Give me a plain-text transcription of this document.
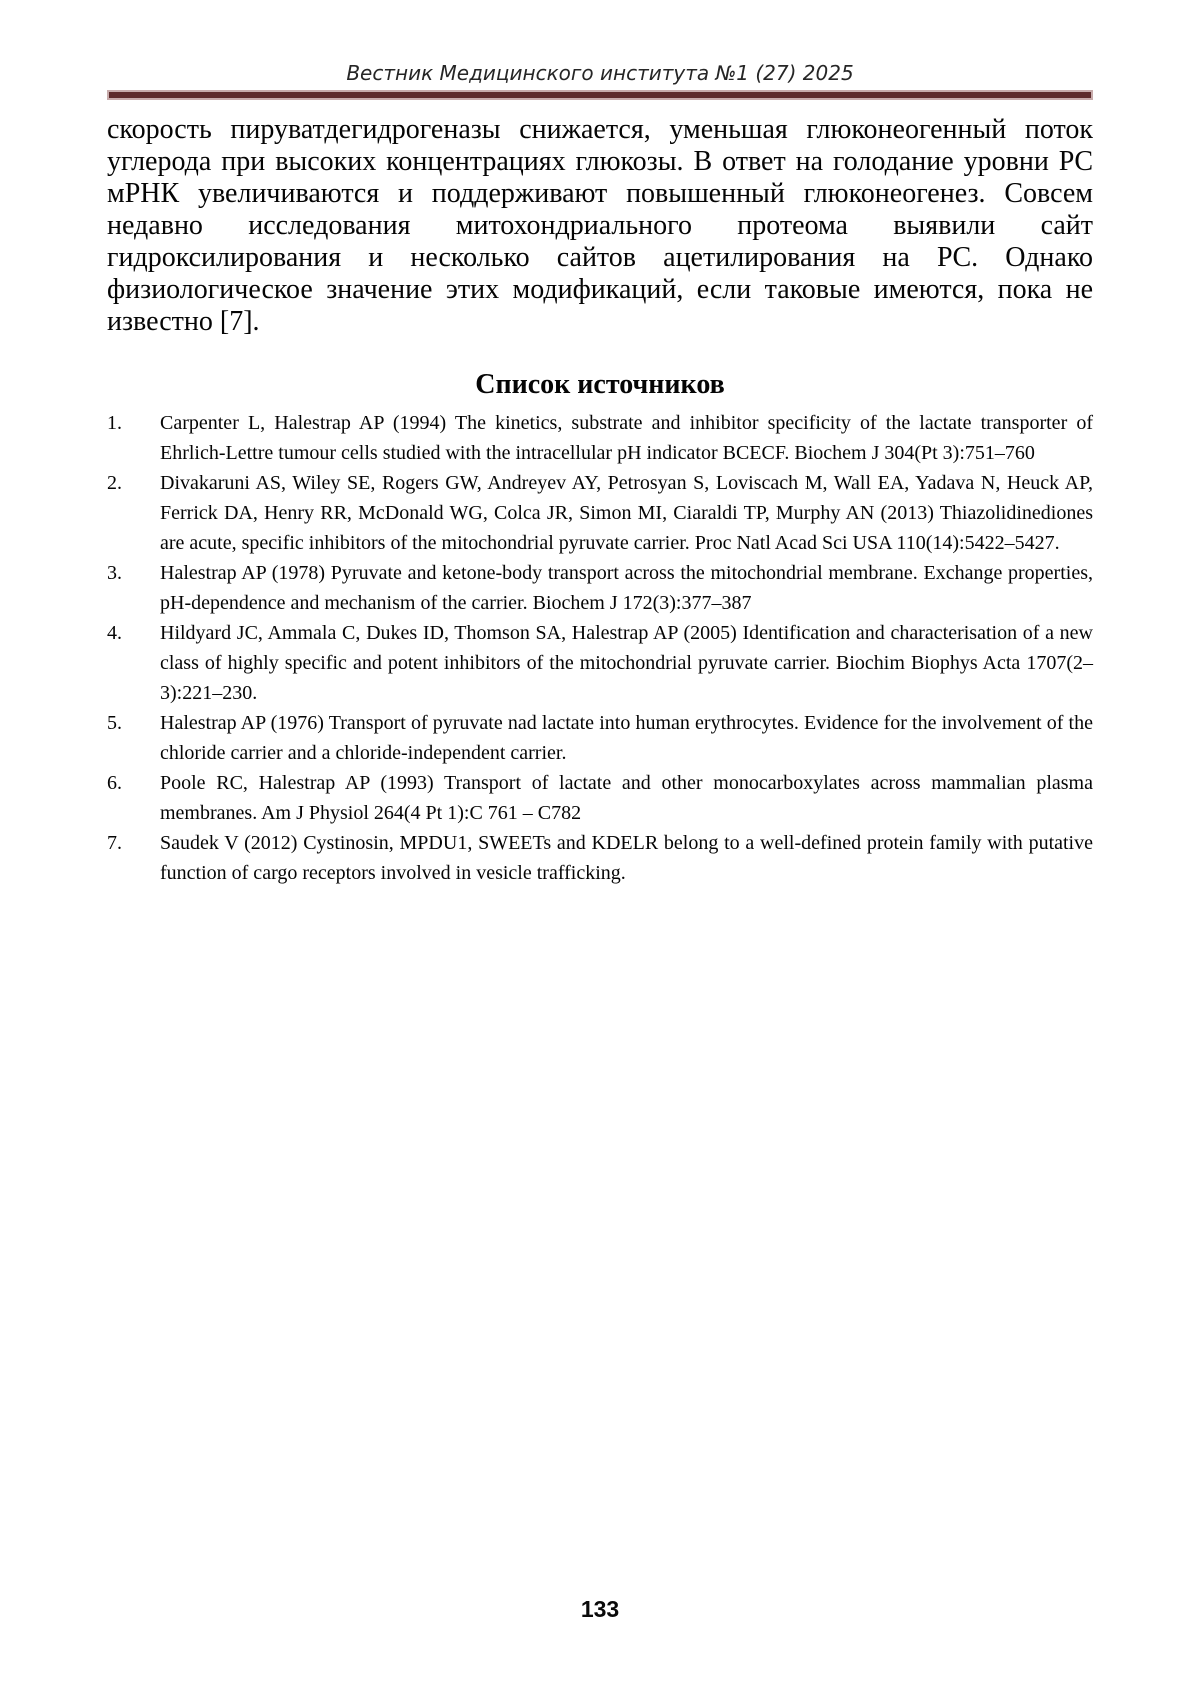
Вестник Медицинского института №1 (27) 2025

скорость пируватдегидрогеназы снижается, уменьшая глюконеогенный поток углерода при высоких концентрациях глюкозы. В ответ на голодание уровни PC мРНК увеличиваются и поддерживают повышенный глюконеогенез. Совсем недавно исследования митохондриального протеома выявили сайт гидроксилирования и несколько сайтов ацетилирования на PC. Однако физиологическое значение этих модификаций, если таковые имеются, пока не известно [7].

Список источников
1.	Carpenter L, Halestrap AP (1994) The kinetics, substrate and inhibitor specificity of the lactate transporter of Ehrlich-Lettre tumour cells studied with the intracellular pH indicator BCECF. Biochem J 304(Pt 3):751–760
2.	Divakaruni AS, Wiley SE, Rogers GW, Andreyev AY, Petrosyan S, Loviscach M, Wall EA, Yadava N, Heuck AP, Ferrick DA, Henry RR, McDonald WG, Colca JR, Simon MI, Ciaraldi TP, Murphy AN (2013) Thiazolidinediones are acute, specific inhibitors of the mitochondrial pyruvate carrier. Proc Natl Acad Sci USA 110(14):5422–5427.
3.	Halestrap AP (1978) Pyruvate and ketone-body transport across the mitochondrial membrane. Exchange properties, pH-dependence and mechanism of the carrier. Biochem J 172(3):377–387
4.	Hildyard JC, Ammala C, Dukes ID, Thomson SA, Halestrap AP (2005) Identification and characterisation of a new class of highly specific and potent inhibitors of the mitochondrial pyruvate carrier. Biochim Biophys Acta 1707(2–3):221–230.
5.	Halestrap AP (1976) Transport of pyruvate nad lactate into human erythrocytes. Evidence for the involvement of the chloride carrier and a chloride-independent carrier.
6.	Poole RC, Halestrap AP (1993) Transport of lactate and other monocarboxylates across mammalian plasma membranes. Am J Physiol 264(4 Pt 1):C 761 – C782
7.	Saudek V (2012) Cystinosin, MPDU1, SWEETs and KDELR belong to a well-defined protein family with putative function of cargo receptors involved in vesicle trafficking.
133
